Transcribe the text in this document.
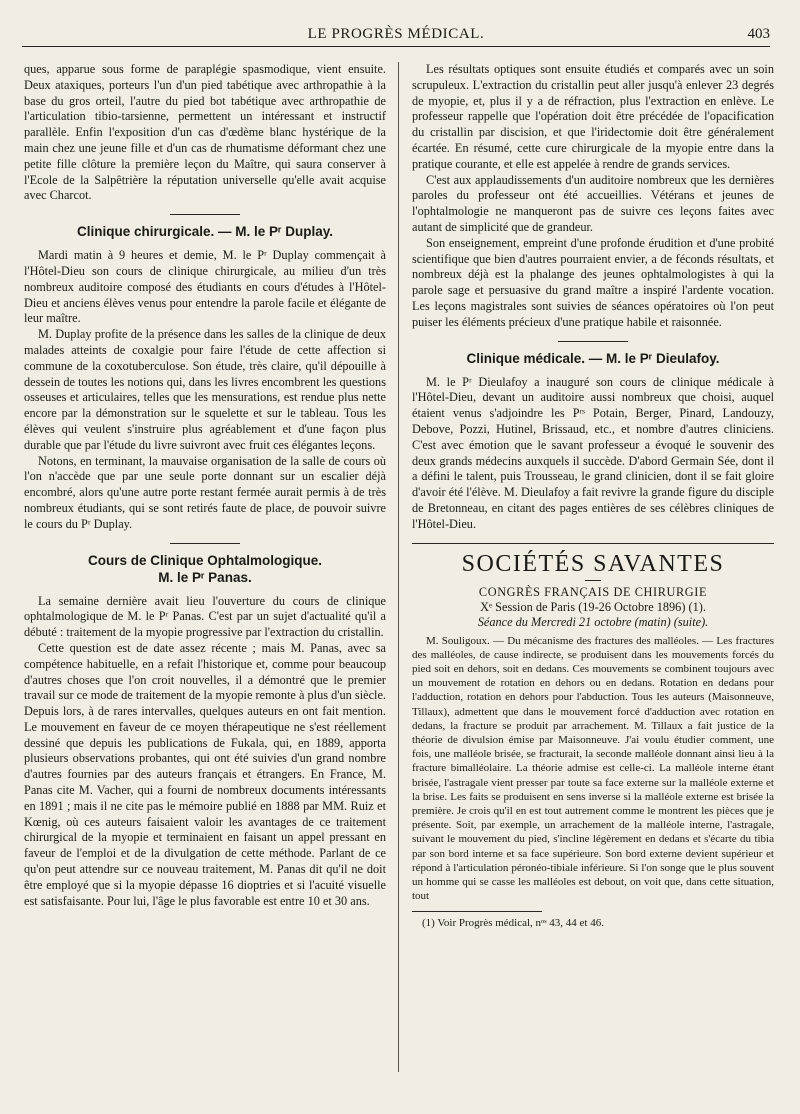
LE PROGRÈS MÉDICAL.	403

ques, apparue sous forme de paraplégie spasmodique, vient ensuite. Deux ataxiques, porteurs l'un d'un pied tabétique avec arthropathie à la base du gros orteil, l'autre du pied bot tabétique avec arthropathie de l'articulation tibio-tarsienne, permettent un intéressant et instructif parallèle. Enfin l'exposition d'un cas d'œdème blanc hystérique de la main chez une jeune fille et d'un cas de rhumatisme déformant chez une petite fille clôture la première leçon du Maître, qui saura conserver à l'Ecole de la Salpêtrière la réputation universelle qu'elle avait acquise avec Charcot.

Clinique chirurgicale. — M. le Pʳ Duplay.

Mardi matin à 9 heures et demie, M. le Pʳ Duplay commençait à l'Hôtel-Dieu son cours de clinique chirurgicale, au milieu d'un très nombreux auditoire composé des étudiants en cours d'études à l'Hôtel-Dieu et anciens élèves venus pour entendre la parole facile et élégante de leur maître.

M. Duplay profite de la présence dans les salles de la clinique de deux malades atteints de coxalgie pour faire l'étude de cette affection si commune de la coxotuberculose. Son étude, très claire, qu'il dépouille à dessein de toutes les notions qui, dans les livres encombrent les questions osseuses et articulaires, telles que les mensurations, est rendue plus nette encore par la démonstration sur le squelette et sur le tableau. Tous les élèves qui veulent s'instruire plus agréablement et d'une façon plus durable que par l'étude du livre suivront avec fruit ces élégantes leçons.

Notons, en terminant, la mauvaise organisation de la salle de cours où l'on n'accède que par une seule porte donnant sur un escalier déjà encombré, alors qu'une autre porte restant fermée aurait permis à de très nombreux étudiants, qui se sont retirés faute de place, de pouvoir suivre le cours du Pʳ Duplay.

Cours de Clinique Ophtalmologique.
M. le Pʳ Panas.

La semaine dernière avait lieu l'ouverture du cours de clinique ophtalmologique de M. le Pʳ Panas. C'est par un sujet d'actualité qu'il a débuté : traitement de la myopie progressive par l'extraction du cristallin.

Cette question est de date assez récente ; mais M. Panas, avec sa compétence habituelle, en a refait l'historique et, comme pour beaucoup d'autres choses que l'on croit nouvelles, il a démontré que le premier travail sur ce mode de traitement de la myopie remonte à plus d'un siècle. Depuis lors, à de rares intervalles, quelques auteurs en ont fait mention. Le mouvement en faveur de ce moyen thérapeutique ne s'est réellement dessiné que depuis les publications de Fukala, qui, en 1889, apporta plusieurs observations probantes, qui ont été suivies d'un grand nombre d'autres fournies par des auteurs français et étrangers. En France, M. Panas cite M. Vacher, qui a fourni de nombreux documents intéressants en 1891 ; mais il ne cite pas le mémoire publié en 1888 par MM. Ruiz et Kœnig, où ces auteurs faisaient valoir les avantages de ce traitement chirurgical de la myopie et terminaient en faisant un appel pressant en faveur de l'emploi et de la divulgation de cette méthode. Parlant de ce qu'on peut attendre sur ce nouveau traitement, M. Panas dit qu'il ne doit être employé que si la myopie dépasse 16 dioptries et si l'acuité visuelle est satisfaisante. Pour lui, l'âge le plus favorable est entre 10 et 30 ans.

Les résultats optiques sont ensuite étudiés et comparés avec un soin scrupuleux. L'extraction du cristallin peut aller jusqu'à enlever 23 degrés de myopie, et, plus il y a de réfraction, plus l'extraction en enlève. Le professeur rappelle que l'opération doit être précédée de l'opacification du cristallin par discision, et que l'iridectomie doit être généralement écartée. En résumé, cette cure chirurgicale de la myopie entre dans la pratique courante, et elle est appelée à rendre de grands services.

C'est aux applaudissements d'un auditoire nombreux que les dernières paroles du professeur ont été accueillies. Vétérans et jeunes de l'ophtalmologie ne manqueront pas de suivre ces leçons faites avec autant de simplicité que de grandeur.

Son enseignement, empreint d'une profonde érudition et d'une probité scientifique que bien d'autres pourraient envier, a de féconds résultats, et nombreux déjà est la phalange des jeunes ophtalmologistes à qui la parole sage et persuasive du grand maître a inspiré l'ardente vocation. Les leçons magistrales sont suivies de séances opératoires où l'on peut puiser les éléments précieux d'une pratique habile et raisonnée.

Clinique médicale. — M. le Pʳ Dieulafoy.

M. le Pʳ Dieulafoy a inauguré son cours de clinique médicale à l'Hôtel-Dieu, devant un auditoire aussi nombreux que choisi, auquel étaient venus s'adjoindre les Pʳˢ Potain, Berger, Pinard, Landouzy, Debove, Pozzi, Hutinel, Brissaud, etc., et nombre d'autres cliniciens. C'est avec émotion que le savant professeur a évoqué le souvenir des deux grands médecins auxquels il succède. D'abord Germain Sée, dont il a défini le talent, puis Trousseau, le grand clinicien, dont il se fait gloire d'avoir été l'élève. M. Dieulafoy a fait revivre la grande figure du disciple de Bretonneau, en citant des pages entières de ses célèbres cliniques de l'Hôtel-Dieu.

SOCIÉTÉS SAVANTES
CONGRÈS FRANÇAIS DE CHIRURGIE
Xᵉ Session de Paris (19-26 Octobre 1896) (1).
Séance du Mercredi 21 octobre (matin) (suite).

M. Souligoux. — Du mécanisme des fractures des malléoles. — Les fractures des malléoles, de cause indirecte, se produisent dans les mouvements forcés du pied soit en dehors, soit en dedans. Ces mouvements se combinent toujours avec un mouvement de rotation en dehors ou en dedans. Rotation en dedans pour l'adduction, rotation en dehors pour l'abduction. Tous les auteurs (Maisonneuve, Tillaux), admettent que dans le mouvement forcé d'adduction avec rotation en dedans, la fracture se produit par arrachement. M. Tillaux a fait justice de la théorie de divulsion émise par Maisonneuve. J'ai voulu étudier comment, une fois, une malléole brisée, se fracturait, la seconde malléole donnant ainsi lieu à la fracture bimalléolaire. La théorie admise est celle-ci. La malléole interne étant brisée, l'astragale vient presser par toute sa face externe sur la malléole externe et la brise. Les faits se produisent en sens inverse si la malléole externe est brisée la première. Je crois qu'il en est tout autrement comme le montrent les pièces que je présente. Soit, par exemple, un arrachement de la malléole interne, l'astragale, suivant le mouvement du pied, s'incline légèrement en dedans et s'écarte du tibia par son bord interne et sa face supérieure. Son bord externe devient supérieur et répond à l'articulation péronéo-tibiale inférieure. Si l'on songe que le plus souvent un homme qui se casse les malléoles est debout, on voit que, dans cette situation, tout

(1) Voir Progrès médical, nᵒˢ 43, 44 et 46.
